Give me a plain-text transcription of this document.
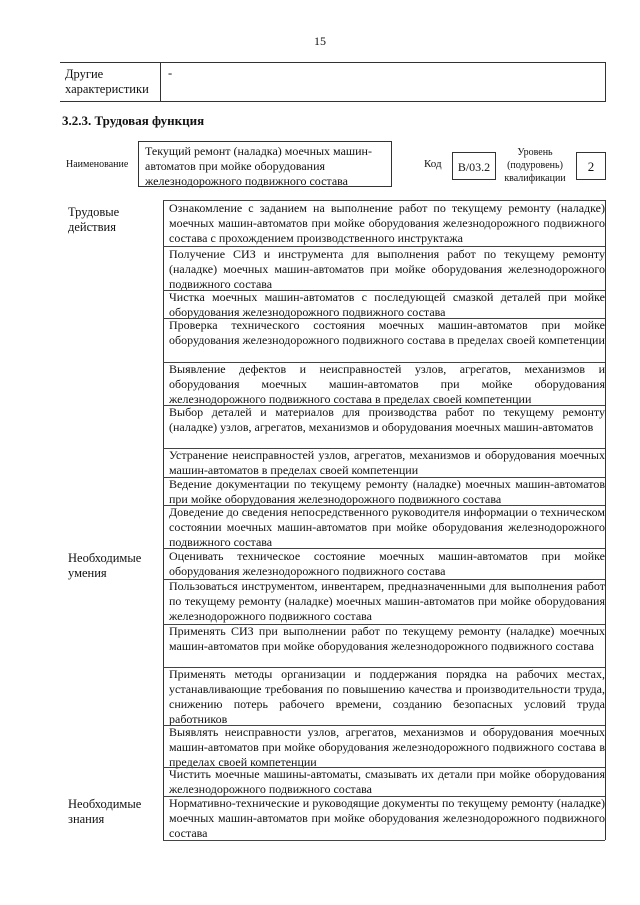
15
Другие характеристики
-
3.2.3. Трудовая функция
Наименование
Текущий ремонт (наладка) моечных машин-автоматов при мойке оборудования железнодорожного подвижного состава
Код	B/03.2
Уровень (подуровень) квалификации
2
Трудовые действия
Необходимые умения
Необходимые знания
Ознакомление с заданием на выполнение работ по текущему ремонту (наладке) моечных машин-автоматов при мойке оборудования железнодорожного подвижного состава с прохождением производственного инструктажа
Получение СИЗ и инструмента для выполнения работ по текущему ремонту (наладке) моечных машин-автоматов при мойке оборудования железнодорожного подвижного состава
Чистка моечных машин-автоматов с последующей смазкой деталей при мойке оборудования железнодорожного подвижного состава
Проверка технического состояния моечных машин-автоматов при мойке оборудования железнодорожного подвижного состава в пределах своей компетенции
Выявление дефектов и неисправностей узлов, агрегатов, механизмов и оборудования моечных машин-автоматов при мойке оборудования железнодорожного подвижного состава в пределах своей компетенции
Выбор деталей и материалов для производства работ по текущему ремонту (наладке) узлов, агрегатов, механизмов и оборудования моечных машин-автоматов
Устранение неисправностей узлов, агрегатов, механизмов и оборудования моечных машин-автоматов в пределах своей компетенции
Ведение документации по текущему ремонту (наладке) моечных машин-автоматов при мойке оборудования железнодорожного подвижного состава
Доведение до сведения непосредственного руководителя информации о техническом состоянии моечных машин-автоматов при мойке оборудования железнодорожного подвижного состава
Оценивать техническое состояние моечных машин-автоматов при мойке оборудования железнодорожного подвижного состава
Пользоваться инструментом, инвентарем, предназначенными для выполнения работ по текущему ремонту (наладке) моечных машин-автоматов при мойке оборудования железнодорожного подвижного состава
Применять СИЗ при выполнении работ по текущему ремонту (наладке) моечных машин-автоматов при мойке оборудования железнодорожного подвижного состава
Применять методы организации и поддержания порядка на рабочих местах, устанавливающие требования по повышению качества и производительности труда, снижению потерь рабочего времени, созданию безопасных условий труда работников
Выявлять неисправности узлов, агрегатов, механизмов и оборудования моечных машин-автоматов при мойке оборудования железнодорожного подвижного состава в пределах своей компетенции
Чистить моечные машины-автоматы, смазывать их детали при мойке оборудования железнодорожного подвижного состава
Нормативно-технические и руководящие документы по текущему ремонту (наладке) моечных машин-автоматов при мойке оборудования железнодорожного подвижного состава
